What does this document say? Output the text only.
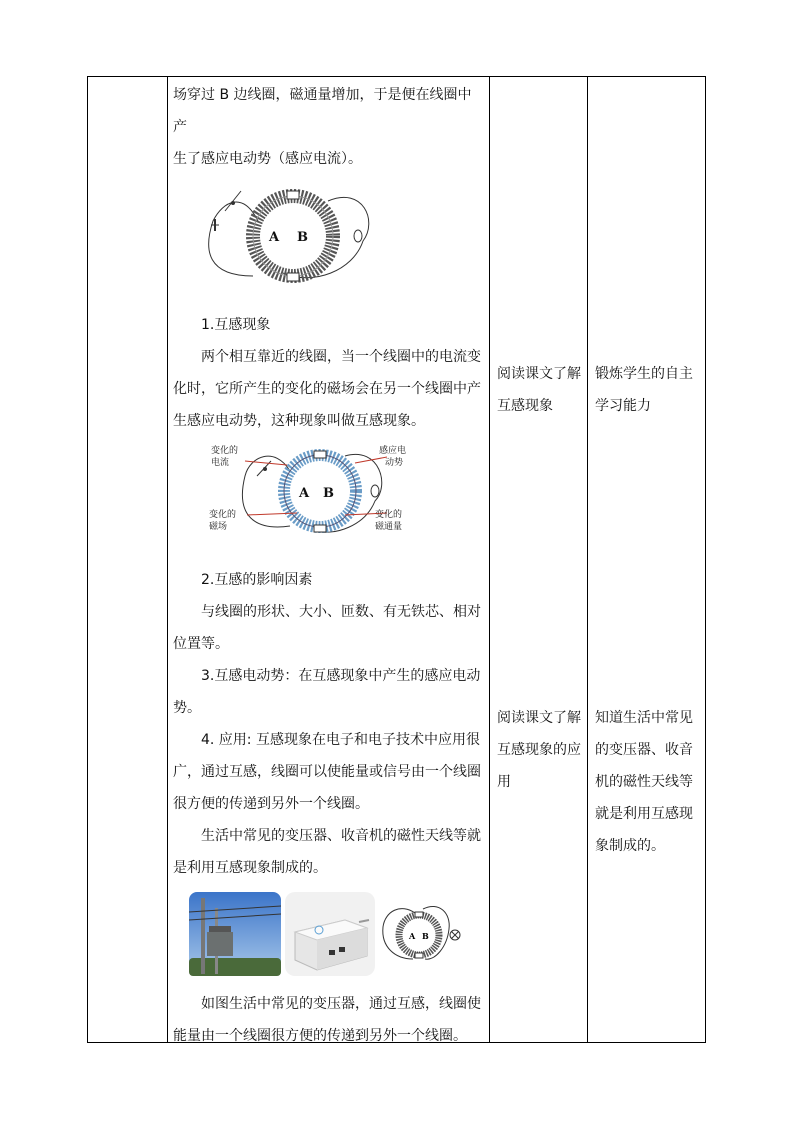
场穿过 B 边线圈，磁通量增加，于是便在线圈中产

生了感应电动势（感应电流）。

A B

1.互感现象

两个相互靠近的线圈，当一个线圈中的电流变化时，它所产生的变化的磁场会在另一个线圈中产生感应电动势，这种现象叫做互感现象。

变化的
电流
感应电
动势
变化的
磁场
变化的
磁通量
A B

2.互感的影响因素

与线圈的形状、大小、匝数、有无铁芯、相对位置等。

3.互感电动势：在互感现象中产生的感应电动势。

4. 应用: 互感现象在电子和电子技术中应用很广，通过互感，线圈可以使能量或信号由一个线圈很方便的传递到另外一个线圈。

生活中常见的变压器、收音机的磁性天线等就是利用互感现象制成的。

A B

如图生活中常见的变压器，通过互感，线圈使能量由一个线圈很方便的传递到另外一个线圈。

阅读课文了解
互感现象
阅读课文了解
互感现象的应
用
锻炼学生的自主
学习能力
知道生活中常见
的变压器、收音
机的磁性天线等
就是利用互感现
象制成的。
